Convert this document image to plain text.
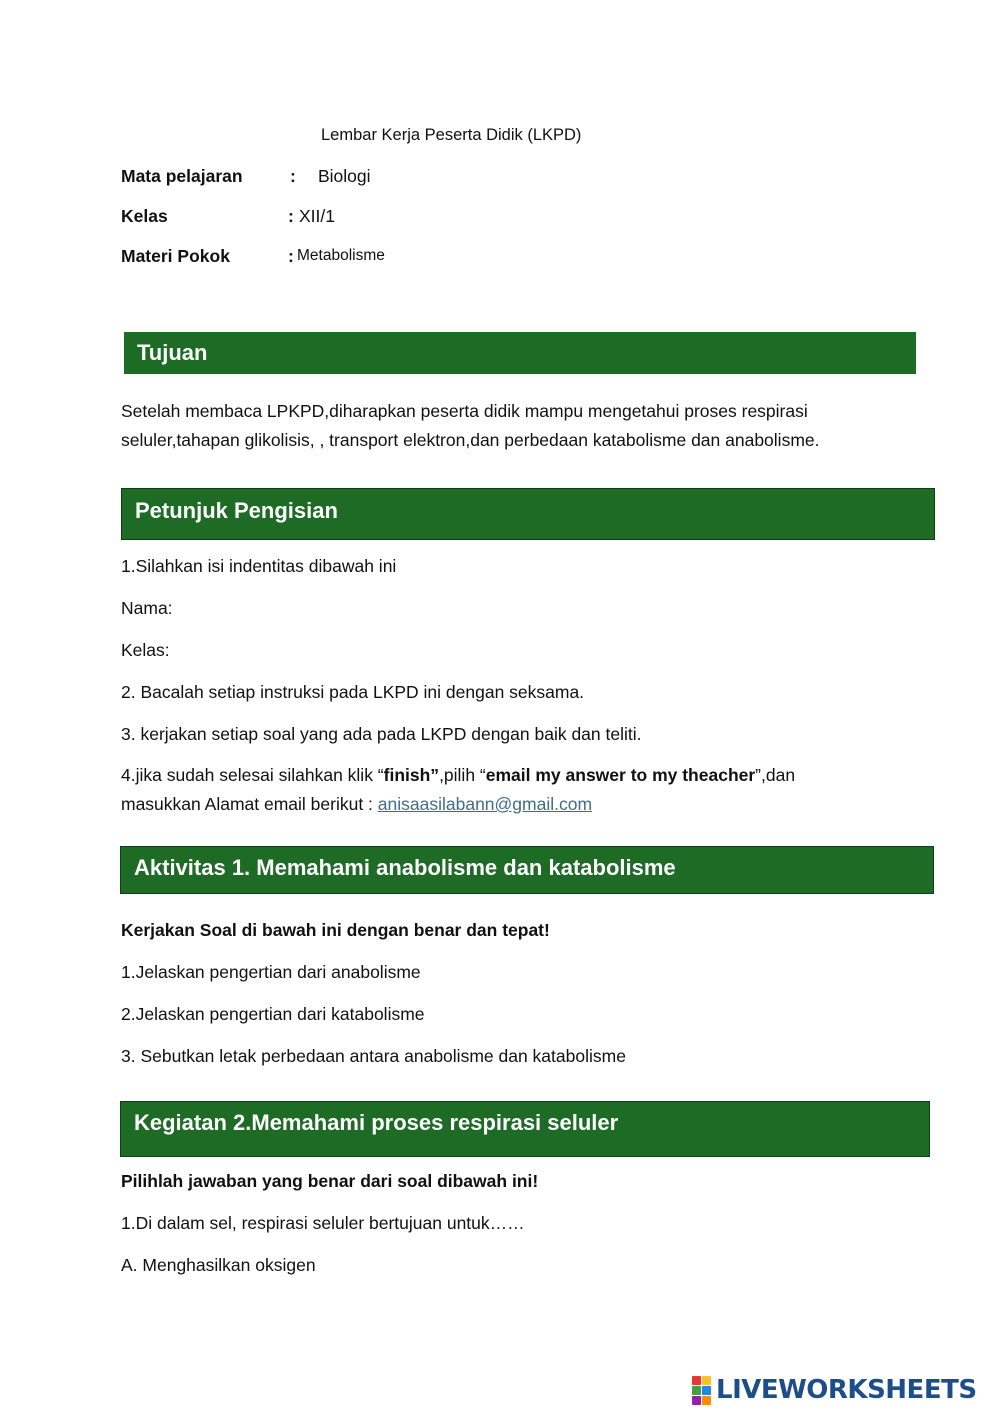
Lembar Kerja Peserta Didik (LKPD)
Mata pelajaran	: Biologi
Kelas	: XII/1
Materi Pokok	: Metabolisme
Tujuan
Setelah membaca LPKPD,diharapkan peserta didik mampu mengetahui proses respirasi seluler,tahapan glikolisis, , transport elektron,dan perbedaan katabolisme dan anabolisme.
Petunjuk Pengisian
1.Silahkan isi indentitas dibawah ini
Nama:
Kelas:
2. Bacalah setiap instruksi pada LKPD ini dengan seksama.
3. kerjakan setiap soal yang ada pada LKPD dengan baik dan teliti.
4.jika sudah selesai silahkan klik “finish”,pilih “email my answer to my theacher”,dan
masukkan Alamat email berikut : anisaasilabann@gmail.com
Aktivitas 1. Memahami anabolisme dan katabolisme
Kerjakan Soal di bawah ini dengan benar dan tepat!
1.Jelaskan pengertian dari anabolisme
2.Jelaskan pengertian dari katabolisme
3. Sebutkan letak perbedaan antara anabolisme dan katabolisme
Kegiatan 2.Memahami proses respirasi seluler
Pilihlah jawaban yang benar dari soal dibawah ini!
1.Di dalam sel, respirasi seluler bertujuan untuk……
A. Menghasilkan oksigen
LIVEWORKSHEETS
